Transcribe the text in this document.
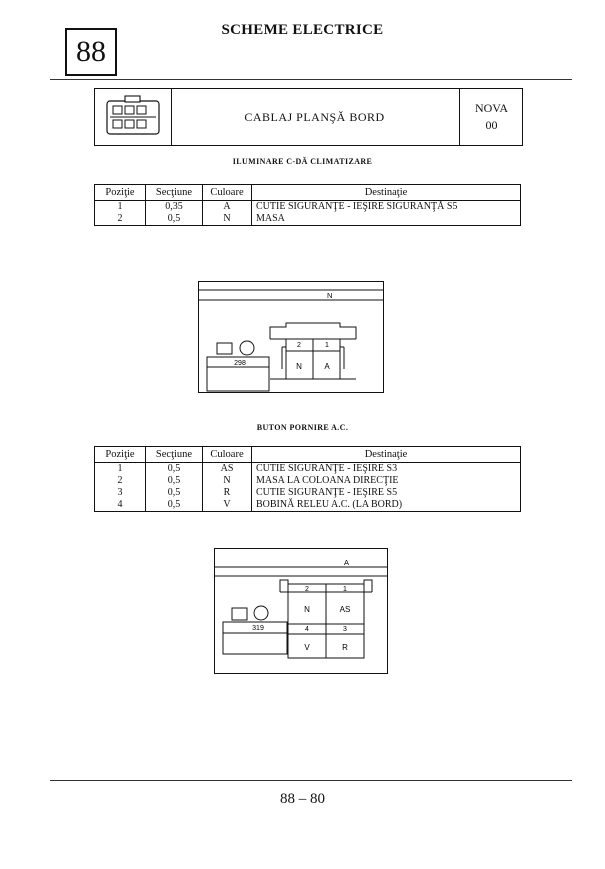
SCHEME ELECTRICE
88
CABLAJ PLANŞĂ BORD
NOVA
00
ILUMINARE C-DĂ CLIMATIZARE
Poziţie	Secţiune	Culoare	Destinaţie
1	0,35	A	CUTIE SIGURANŢE - IEŞIRE SIGURANŢĂ S5
2	0,5	N	MASA
N
298
2	1
N	A
BUTON PORNIRE A.C.
Poziţie	Secţiune	Culoare	Destinaţie
1	0,5	AS	CUTIE SIGURANŢE - IEŞIRE S3
2	0,5	N	MASA LA COLOANA DIRECŢIE
3	0,5	R	CUTIE SIGURANŢE - IEŞIRE S5
4	0,5	V	BOBINĂ RELEU A.C. (LA BORD)
A
319
2	1
4	3
N	AS
V	R
88 – 80
